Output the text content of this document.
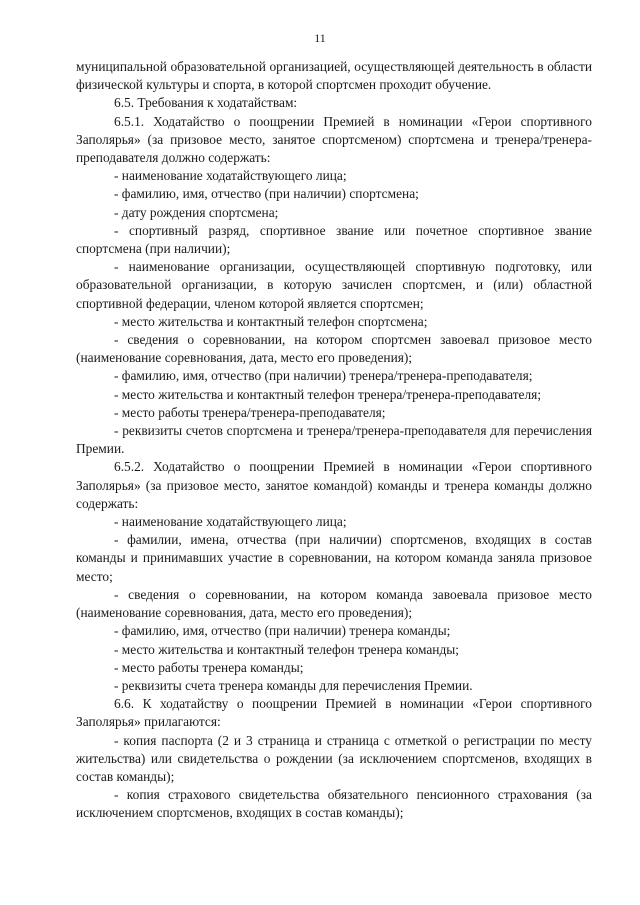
11

муниципальной образовательной организацией, осуществляющей деятельность в области физической культуры и спорта, в которой спортсмен проходит обучение.

6.5. Требования к ходатайствам:

6.5.1. Ходатайство о поощрении Премией в номинации «Герои спортивного Заполярья» (за призовое место, занятое спортсменом) спортсмена и тренера/тренера-преподавателя должно содержать:

- наименование ходатайствующего лица;

- фамилию, имя, отчество (при наличии) спортсмена;

- дату рождения спортсмена;

- спортивный разряд, спортивное звание или почетное спортивное звание спортсмена (при наличии);

- наименование организации, осуществляющей спортивную подготовку, или образовательной организации, в которую зачислен спортсмен, и (или) областной спортивной федерации, членом которой является спортсмен;

- место жительства и контактный телефон спортсмена;

- сведения о соревновании, на котором спортсмен завоевал призовое место (наименование соревнования, дата, место его проведения);

- фамилию, имя, отчество (при наличии) тренера/тренера-преподавателя;

- место жительства и контактный телефон тренера/тренера-преподавателя;

- место работы тренера/тренера-преподавателя;

- реквизиты счетов спортсмена и тренера/тренера-преподавателя для перечисления Премии.

6.5.2. Ходатайство о поощрении Премией в номинации «Герои спортивного Заполярья» (за призовое место, занятое командой) команды и тренера команды должно содержать:

- наименование ходатайствующего лица;

- фамилии, имена, отчества (при наличии) спортсменов, входящих в состав команды и принимавших участие в соревновании, на котором команда заняла призовое место;

- сведения о соревновании, на котором команда завоевала призовое место (наименование соревнования, дата, место его проведения);

- фамилию, имя, отчество (при наличии) тренера команды;

- место жительства и контактный телефон тренера команды;

- место работы тренера команды;

- реквизиты счета тренера команды для перечисления Премии.

6.6. К ходатайству о поощрении Премией в номинации «Герои спортивного Заполярья» прилагаются:

- копия паспорта (2 и 3 страница и страница с отметкой о регистрации по месту жительства) или свидетельства о рождении (за исключением спортсменов, входящих в состав команды);

- копия страхового свидетельства обязательного пенсионного страхования (за исключением спортсменов, входящих в состав команды);
